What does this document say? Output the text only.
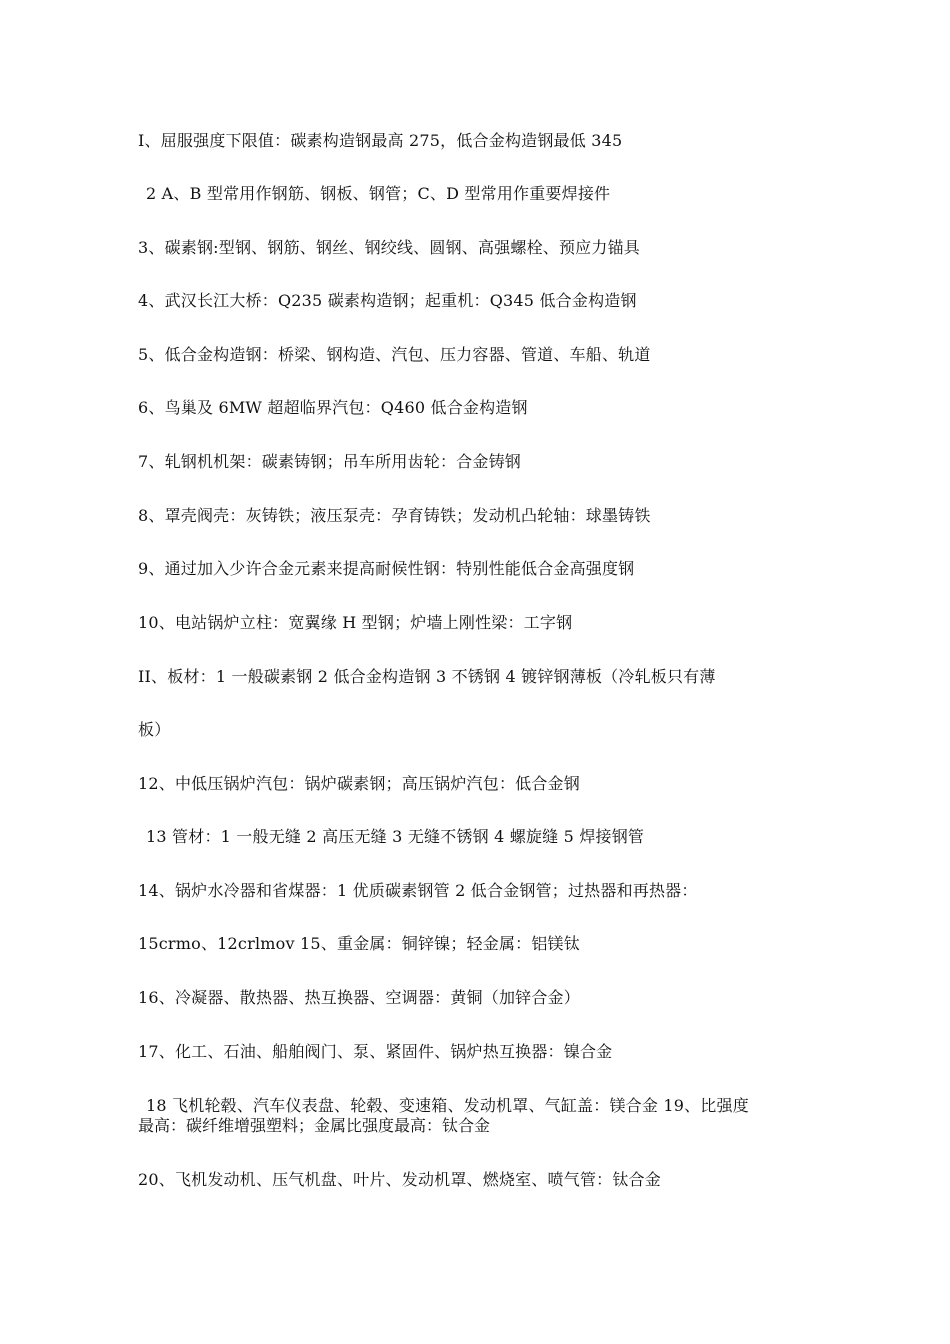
I、屈服强度下限值：碳素构造钢最高 275，低合金构造钢最低 345
2 A、B 型常用作钢筋、钢板、钢管；C、D 型常用作重要焊接件
3、碳素钢:型钢、钢筋、钢丝、钢绞线、圆钢、高强螺栓、预应力锚具
4、武汉长江大桥：Q235 碳素构造钢；起重机：Q345 低合金构造钢
5、低合金构造钢：桥梁、钢构造、汽包、压力容器、管道、车船、轨道
6、鸟巢及 6MW 超超临界汽包：Q460 低合金构造钢
7、轧钢机机架：碳素铸钢；吊车所用齿轮：合金铸钢
8、罩壳阀壳：灰铸铁；液压泵壳：孕育铸铁；发动机凸轮轴：球墨铸铁
9、通过加入少许合金元素来提高耐候性钢：特别性能低合金高强度钢
10、电站锅炉立柱：宽翼缘 H 型钢；炉墙上刚性梁：工字钢
II、板材：1 一般碳素钢 2 低合金构造钢 3 不锈钢 4 镀锌钢薄板（冷轧板只有薄
板）
12、中低压锅炉汽包：锅炉碳素钢；高压锅炉汽包：低合金钢
13 管材：1 一般无缝 2 高压无缝 3 无缝不锈钢 4 螺旋缝 5 焊接钢管
14、锅炉水冷器和省煤器：1 优质碳素钢管 2 低合金钢管；过热器和再热器：
15crmo、12crlmov 15、重金属：铜锌镍；轻金属：铝镁钛
16、冷凝器、散热器、热互换器、空调器：黄铜（加锌合金）
17、化工、石油、船舶阀门、泵、紧固件、锅炉热互换器：镍合金
18 飞机轮毂、汽车仪表盘、轮毂、变速箱、发动机罩、气缸盖：镁合金 19、比强度
最高：碳纤维增强塑料；金属比强度最高：钛合金
20、飞机发动机、压气机盘、叶片、发动机罩、燃烧室、喷气管：钛合金
